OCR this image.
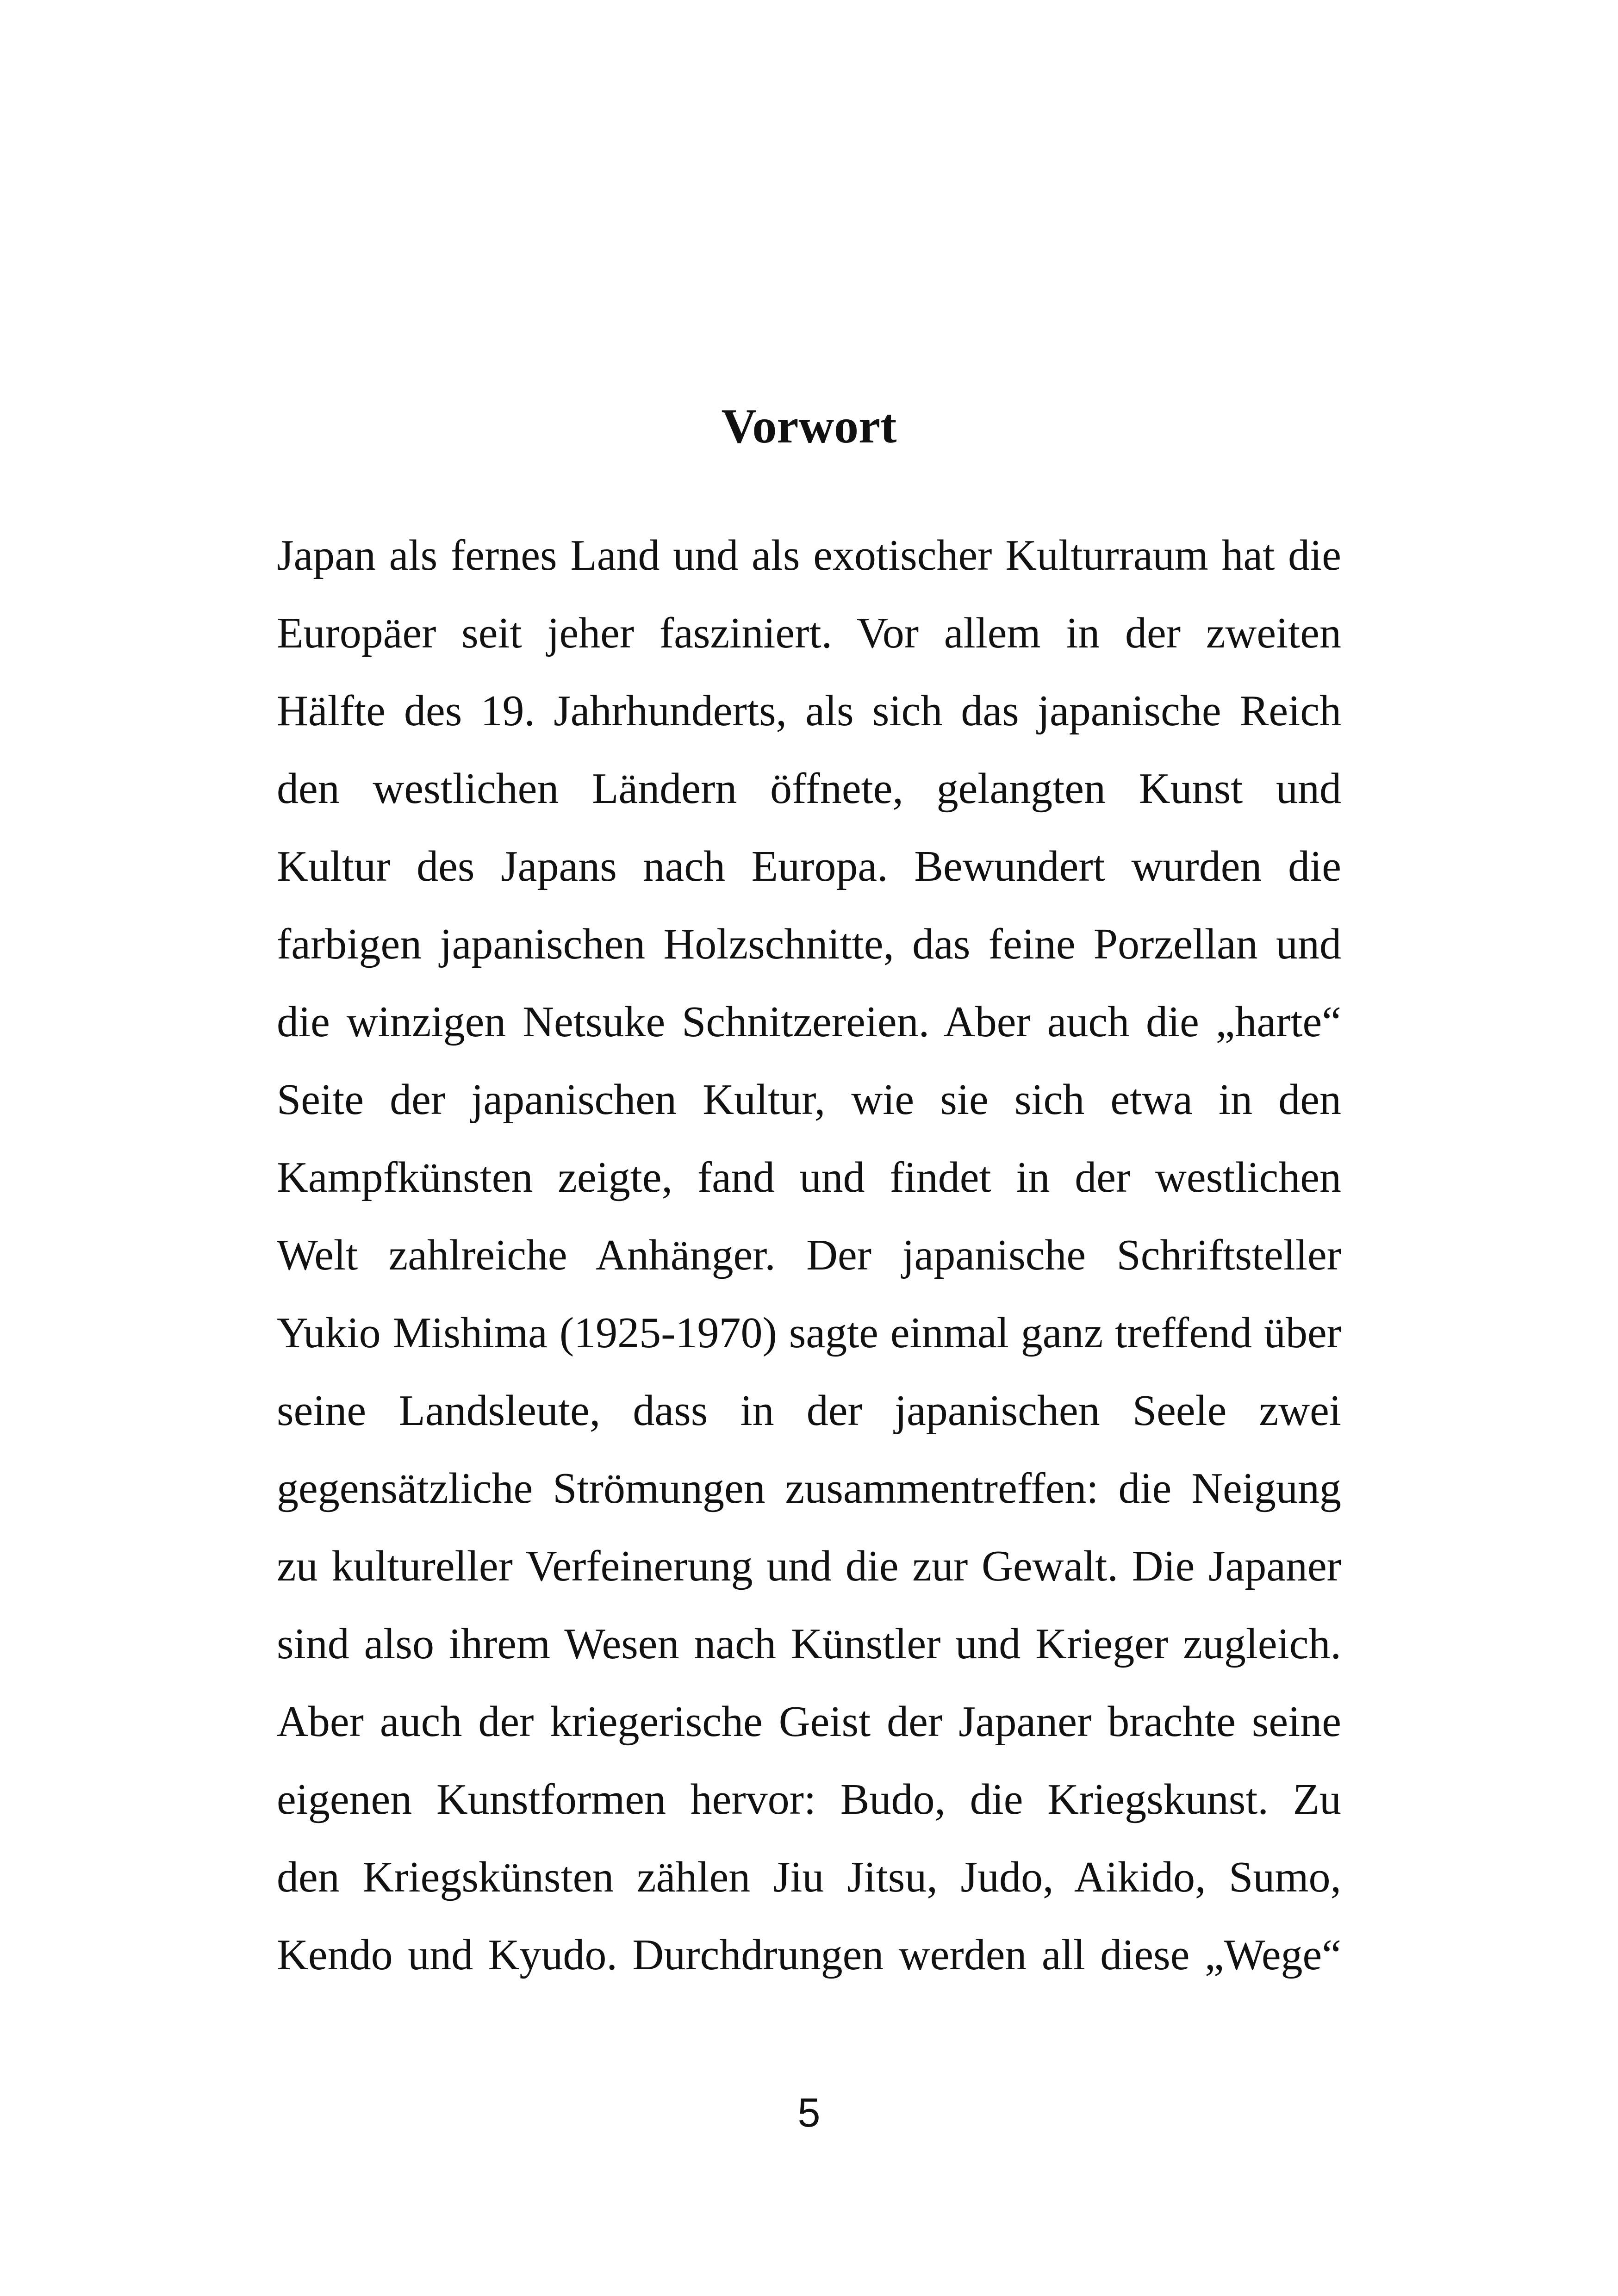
Vorwort
Japan als fernes Land und als exotischer Kulturraum hat die
Europäer seit jeher fasziniert. Vor allem in der zweiten
Hälfte des 19. Jahrhunderts, als sich das japanische Reich
den westlichen Ländern öffnete, gelangten Kunst und
Kultur des Japans nach Europa. Bewundert wurden die
farbigen japanischen Holzschnitte, das feine Porzellan und
die winzigen Netsuke Schnitzereien. Aber auch die „harte“
Seite der japanischen Kultur, wie sie sich etwa in den
Kampfkünsten zeigte, fand und findet in der westlichen
Welt zahlreiche Anhänger. Der japanische Schriftsteller
Yukio Mishima (1925-1970) sagte einmal ganz treffend über
seine Landsleute, dass in der japanischen Seele zwei
gegensätzliche Strömungen zusammentreffen: die Neigung
zu kultureller Verfeinerung und die zur Gewalt. Die Japaner
sind also ihrem Wesen nach Künstler und Krieger zugleich.
Aber auch der kriegerische Geist der Japaner brachte seine
eigenen Kunstformen hervor: Budo, die Kriegskunst. Zu
den Kriegskünsten zählen Jiu Jitsu, Judo, Aikido, Sumo,
Kendo und Kyudo. Durchdrungen werden all diese „Wege“
5
